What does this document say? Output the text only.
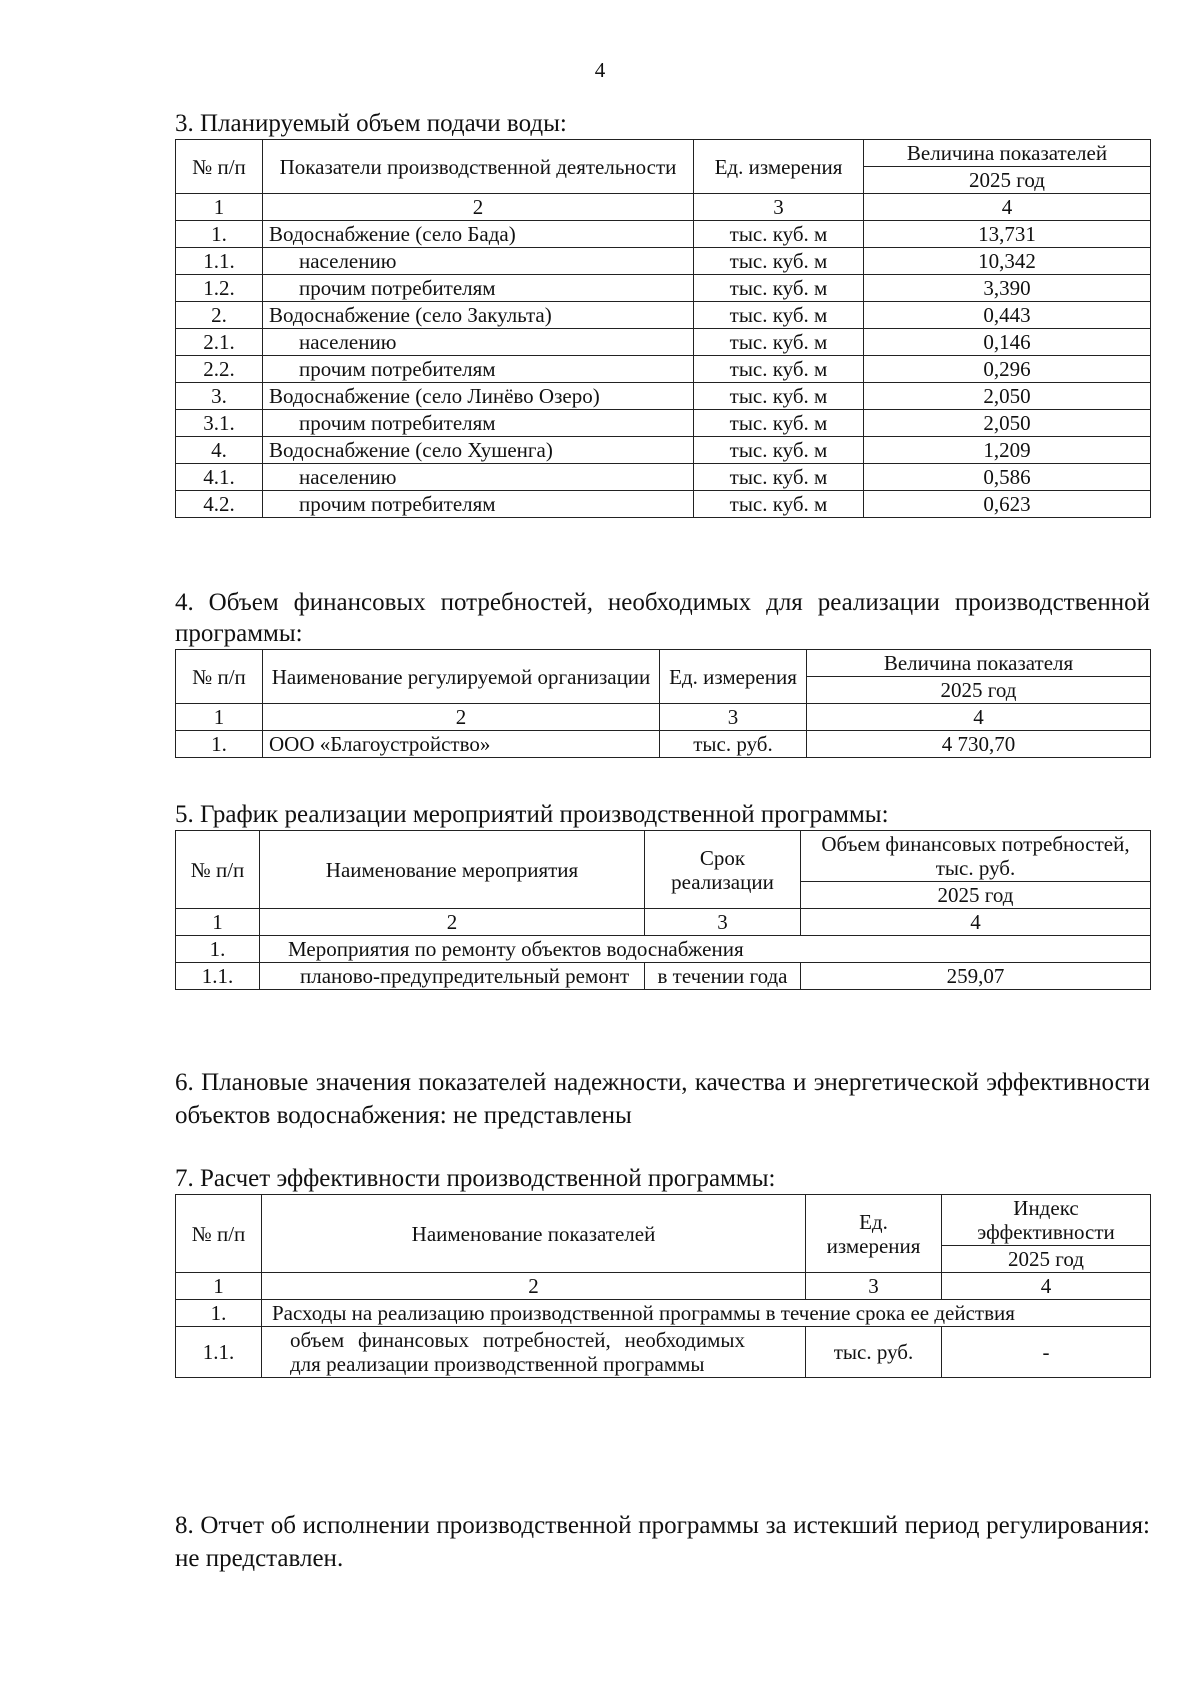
4
3. Планируемый объем подачи воды:
№ п/п	Показатели производственной деятельности	Ед. измерения	Величина показателей
			2025 год
1	2	3	4
1.	Водоснабжение (село Бада)	тыс. куб. м	13,731
1.1.	населению	тыс. куб. м	10,342
1.2.	прочим потребителям	тыс. куб. м	3,390
2.	Водоснабжение (село Закульта)	тыс. куб. м	0,443
2.1.	населению	тыс. куб. м	0,146
2.2.	прочим потребителям	тыс. куб. м	0,296
3.	Водоснабжение (село Линёво Озеро)	тыс. куб. м	2,050
3.1.	прочим потребителям	тыс. куб. м	2,050
4.	Водоснабжение (село Хушенга)	тыс. куб. м	1,209
4.1.	населению	тыс. куб. м	0,586
4.2.	прочим потребителям	тыс. куб. м	0,623
4. Объем финансовых потребностей, необходимых для реализации производственной программы:
№ п/п	Наименование регулируемой организации	Ед. измерения	Величина показателя
			2025 год
1	2	3	4
1.	ООО «Благоустройство»	тыс. руб.	4 730,70
5. График реализации мероприятий производственной программы:
№ п/п	Наименование мероприятия	Срок реализации	Объем финансовых потребностей, тыс. руб.
			2025 год
1	2	3	4
1.	Мероприятия по ремонту объектов водоснабжения		
1.1.	планово-предупредительный ремонт	в течении года	259,07
6. Плановые значения показателей надежности, качества и энергетической эффективности объектов водоснабжения: не представлены
7. Расчет эффективности производственной программы:
№ п/п	Наименование показателей	Ед. измерения	Индекс эффективности
			2025 год
1	2	3	4
1.	Расходы на реализацию производственной программы в течение срока ее действия		
1.1.	объем финансовых потребностей, необходимых для реализации производственной программы	тыс. руб.	-
8. Отчет об исполнении производственной программы за истекший период регулирования: не представлен.
